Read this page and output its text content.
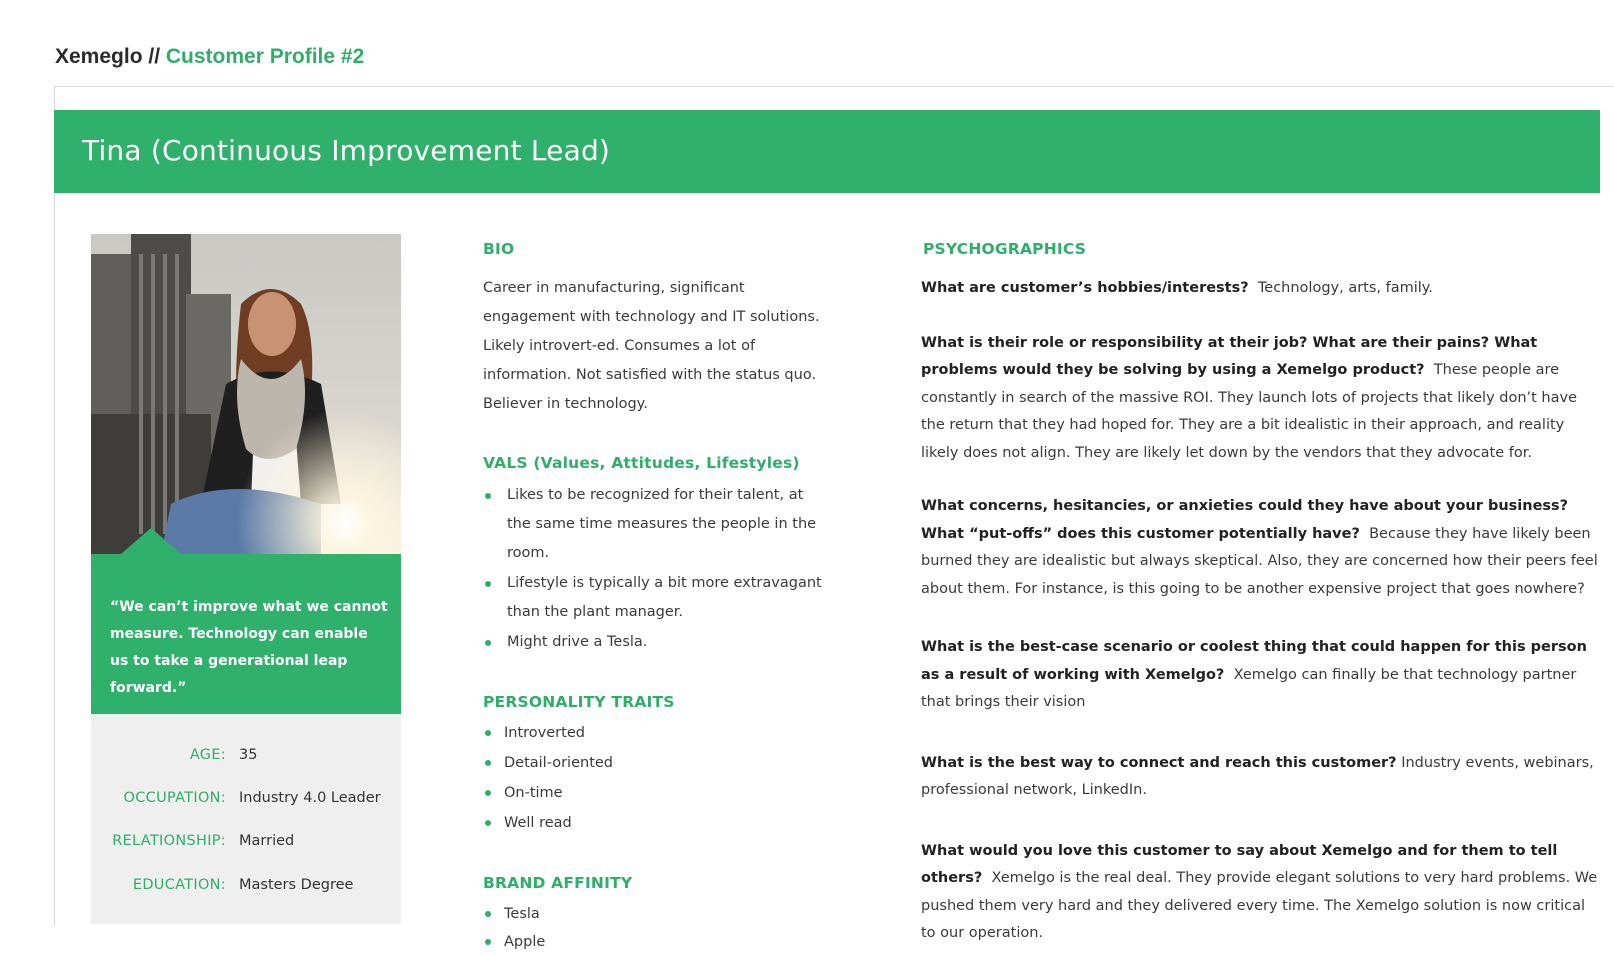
Xemeglo // Customer Profile #2
Tina (Continuous Improvement Lead)
“We can’t improve what we cannot measure. Technology can enable us to take a generational leap forward.”
AGE: 35
OCCUPATION: Industry 4.0 Leader
RELATIONSHIP: Married
EDUCATION: Masters Degree
BIO

Career in manufacturing, significant engagement with technology and IT solutions. Likely introvert-ed. Consumes a lot of information. Not satisfied with the status quo. Believer in technology.

VALS (Values, Attitudes, Lifestyles)
Likes to be recognized for their talent, at the same time measures the people in the room.
Lifestyle is typically a bit more extravagant than the plant manager.
Might drive a Tesla.
PERSONALITY TRAITS
Introverted
Detail-oriented
On-time
Well read
BRAND AFFINITY
Tesla
Apple
PSYCHOGRAPHICS
What are customer’s hobbies/interests? Technology, arts, family.
What is their role or responsibility at their job? What are their pains? What problems would they be solving by using a Xemelgo product? These people are constantly in search of the massive ROI. They launch lots of projects that likely don’t have the return that they had hoped for. They are a bit idealistic in their approach, and reality likely does not align. They are likely let down by the vendors that they advocate for.
What concerns, hesitancies, or anxieties could they have about your business? What “put-offs” does this customer potentially have? Because they have likely been burned they are idealistic but always skeptical. Also, they are concerned how their peers feel about them. For instance, is this going to be another expensive project that goes nowhere?
What is the best-case scenario or coolest thing that could happen for this person as a result of working with Xemelgo? Xemelgo can finally be that technology partner that brings their vision
What is the best way to connect and reach this customer? Industry events, webinars, professional network, LinkedIn.
What would you love this customer to say about Xemelgo and for them to tell others? Xemelgo is the real deal. They provide elegant solutions to very hard problems. We pushed them very hard and they delivered every time. The Xemelgo solution is now critical to our operation.
